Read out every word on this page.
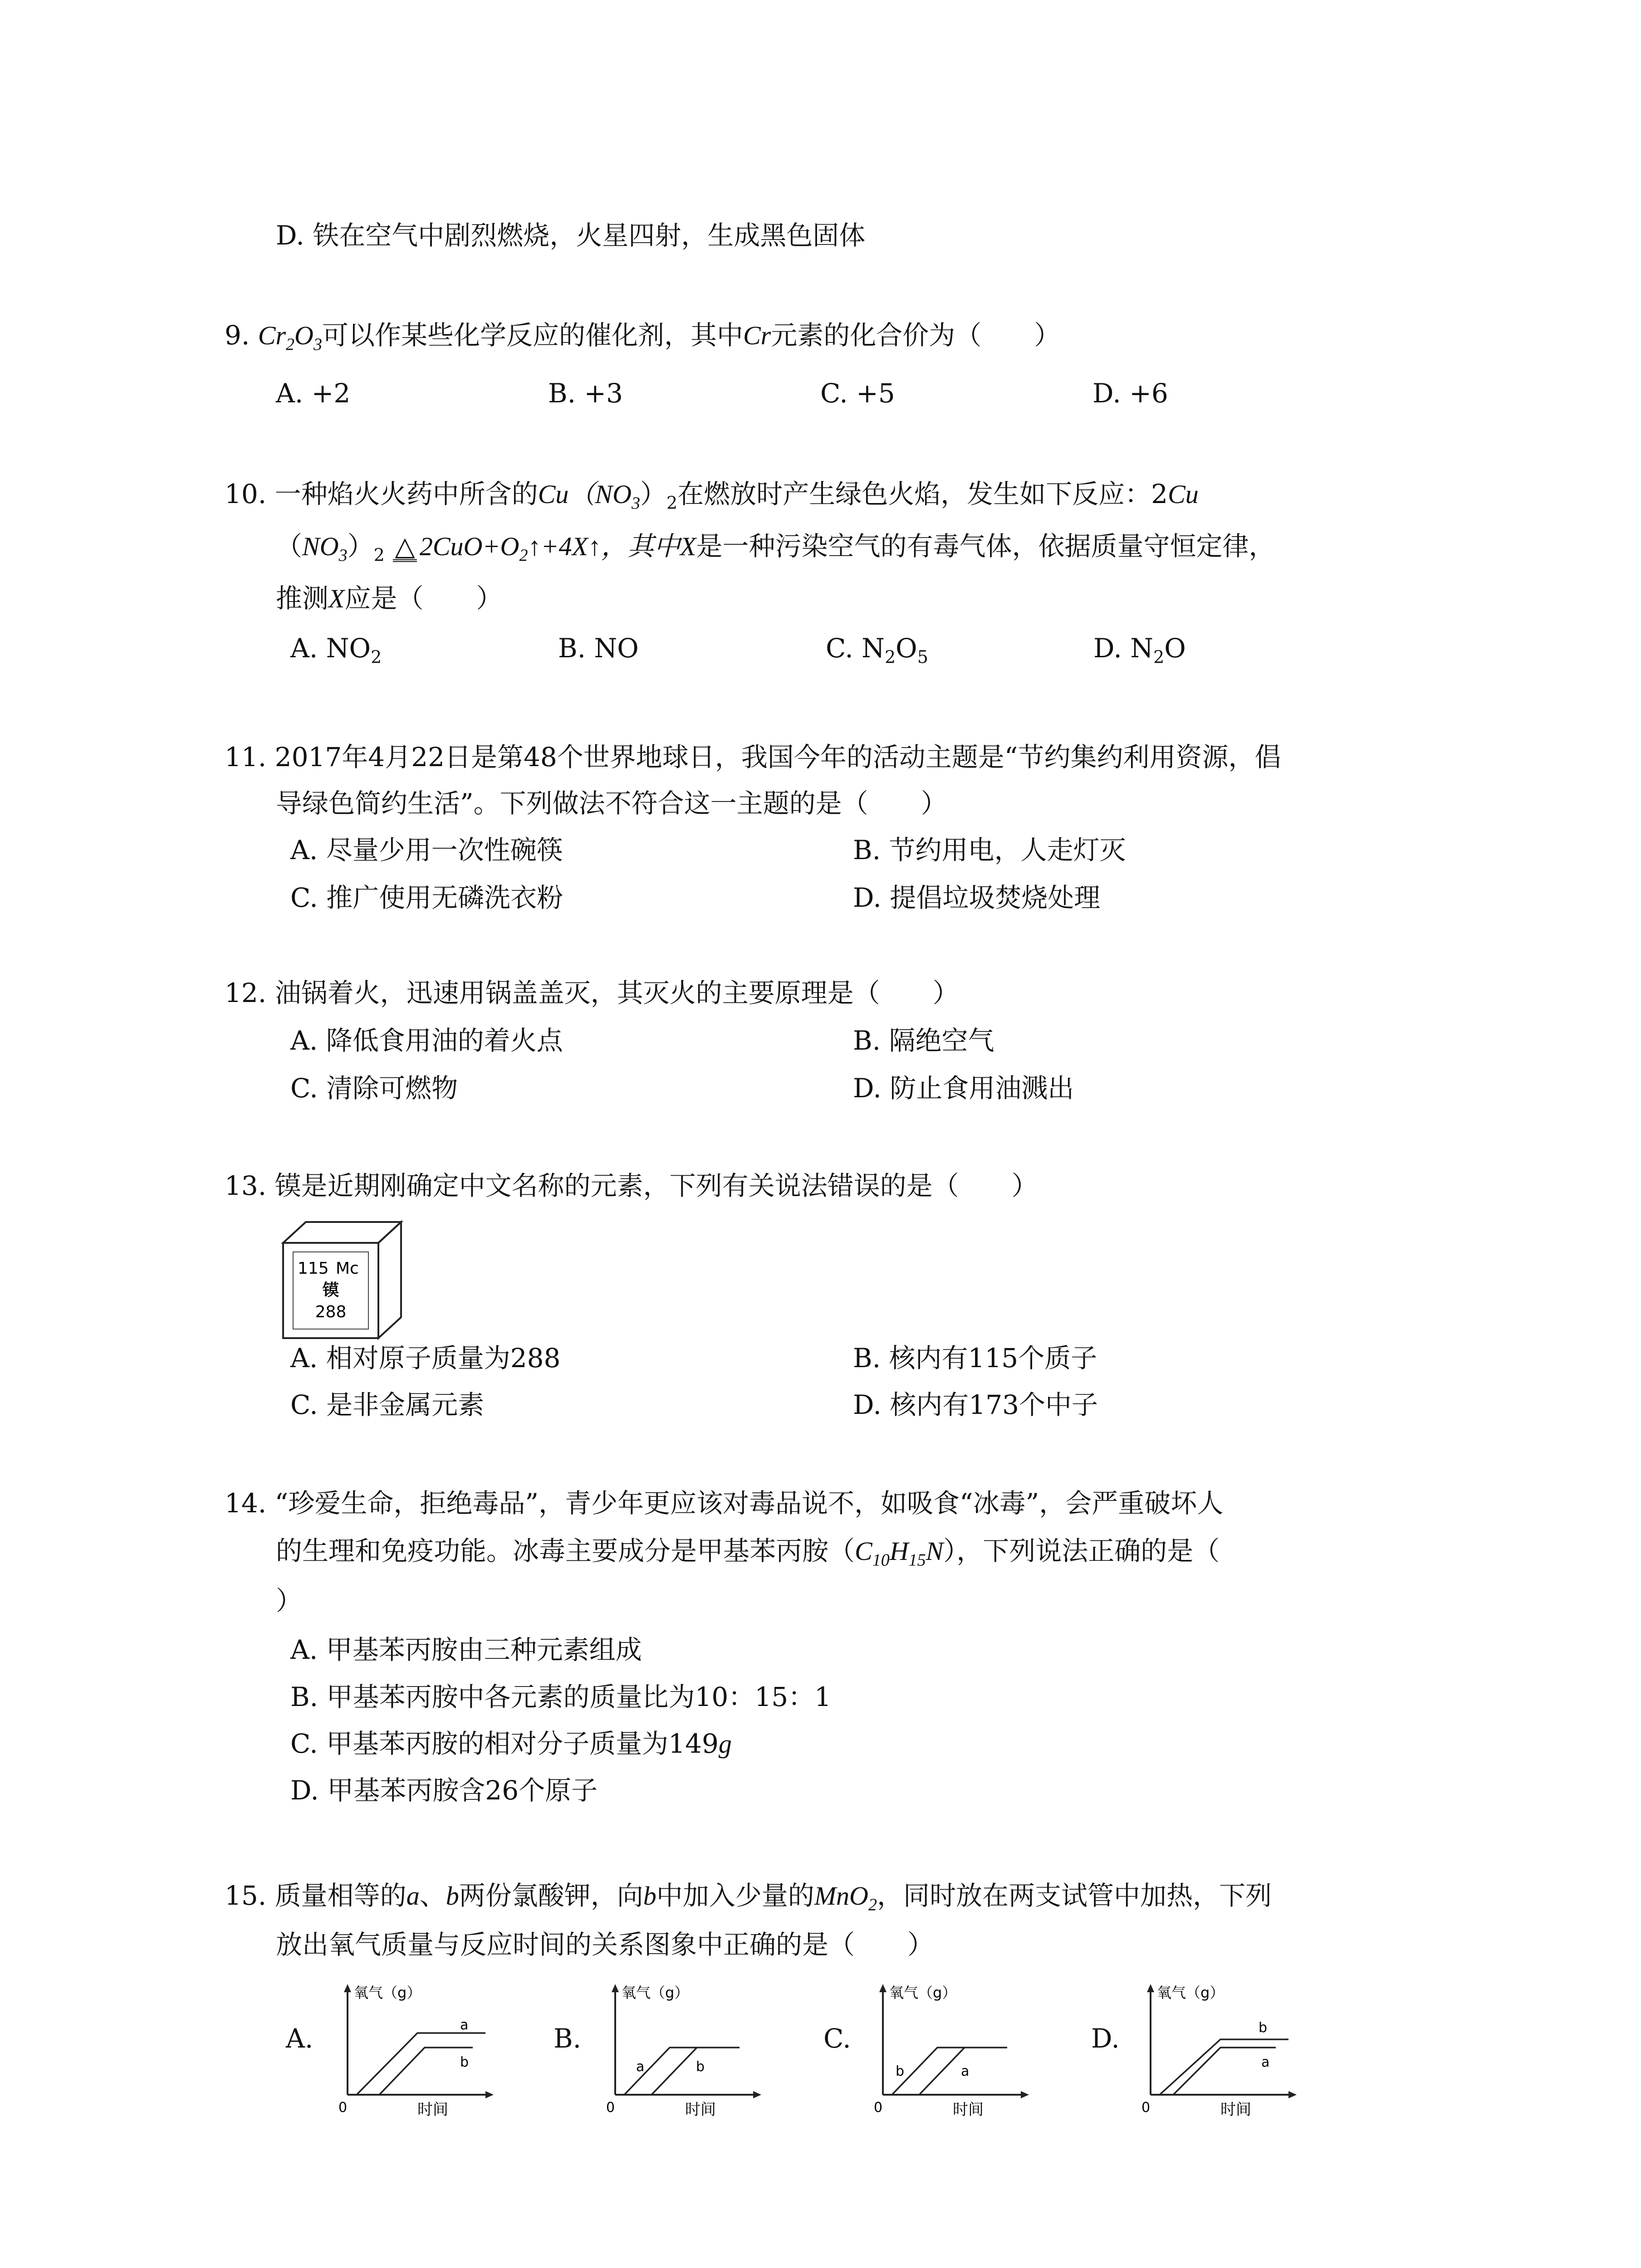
D. 铁在空气中剧烈燃烧，火星四射，生成黑色固体
9. $Cr_2O_3$可以作某些化学反应的催化剂，其中Cr元素的化合价为（　　）
A. +2	B. +3	C. +5	D. +6
10. 一种焰火火药中所含的$Cu(NO_3)_2$在燃放时产生绿色火焰，发生如下反应：2Cu
$(NO_3)_2$ △ $2CuO+O_2↑+4X↑$，其中X是一种污染空气的有毒气体，依据质量守恒定律，
推测X应是（　　）
A. $NO_2$	B. NO	C. $N_2O_5$	D. $N_2O$
11. 2017年4月22日是第48个世界地球日，我国今年的活动主题是“节约集约利用资源，倡
导绿色简约生活”。下列做法不符合这一主题的是（　　）
A. 尽量少用一次性碗筷	B. 节约用电，人走灯灭
C. 推广使用无磷洗衣粉	D. 提倡垃圾焚烧处理
12. 油锅着火，迅速用锅盖盖灭，其灭火的主要原理是（　　）
A. 降低食用油的着火点	B. 隔绝空气
C. 清除可燃物	D. 防止食用油溅出
13. 镆是近期刚确定中文名称的元素，下列有关说法错误的是（　　）
115 Mc
镆
288
A. 相对原子质量为288	B. 核内有115个质子
C. 是非金属元素	D. 核内有173个中子
14. “珍爱生命，拒绝毒品”，青少年更应该对毒品说不，如吸食“冰毒”，会严重破坏人
的生理和免疫功能。冰毒主要成分是甲基苯丙胺$(C_{10}H_{15}N)$，下列说法正确的是（
）
A. 甲基苯丙胺由三种元素组成
B. 甲基苯丙胺中各元素的质量比为10：15：1
C. 甲基苯丙胺的相对分子质量为149g
D. 甲基苯丙胺含26个原子
15. 质量相等的a、b两份氯酸钾，向b中加入少量的MnO$_2$，同时放在两支试管中加热，下列
放出氧气质量与反应时间的关系图象中正确的是（　　）
A.	B.	C.	D.
氧气（g）
0	时间
a
b
氧气（g）
0	时间
a	b
氧气（g）
0	时间
b	a
氧气（g）
0	时间
b
a
